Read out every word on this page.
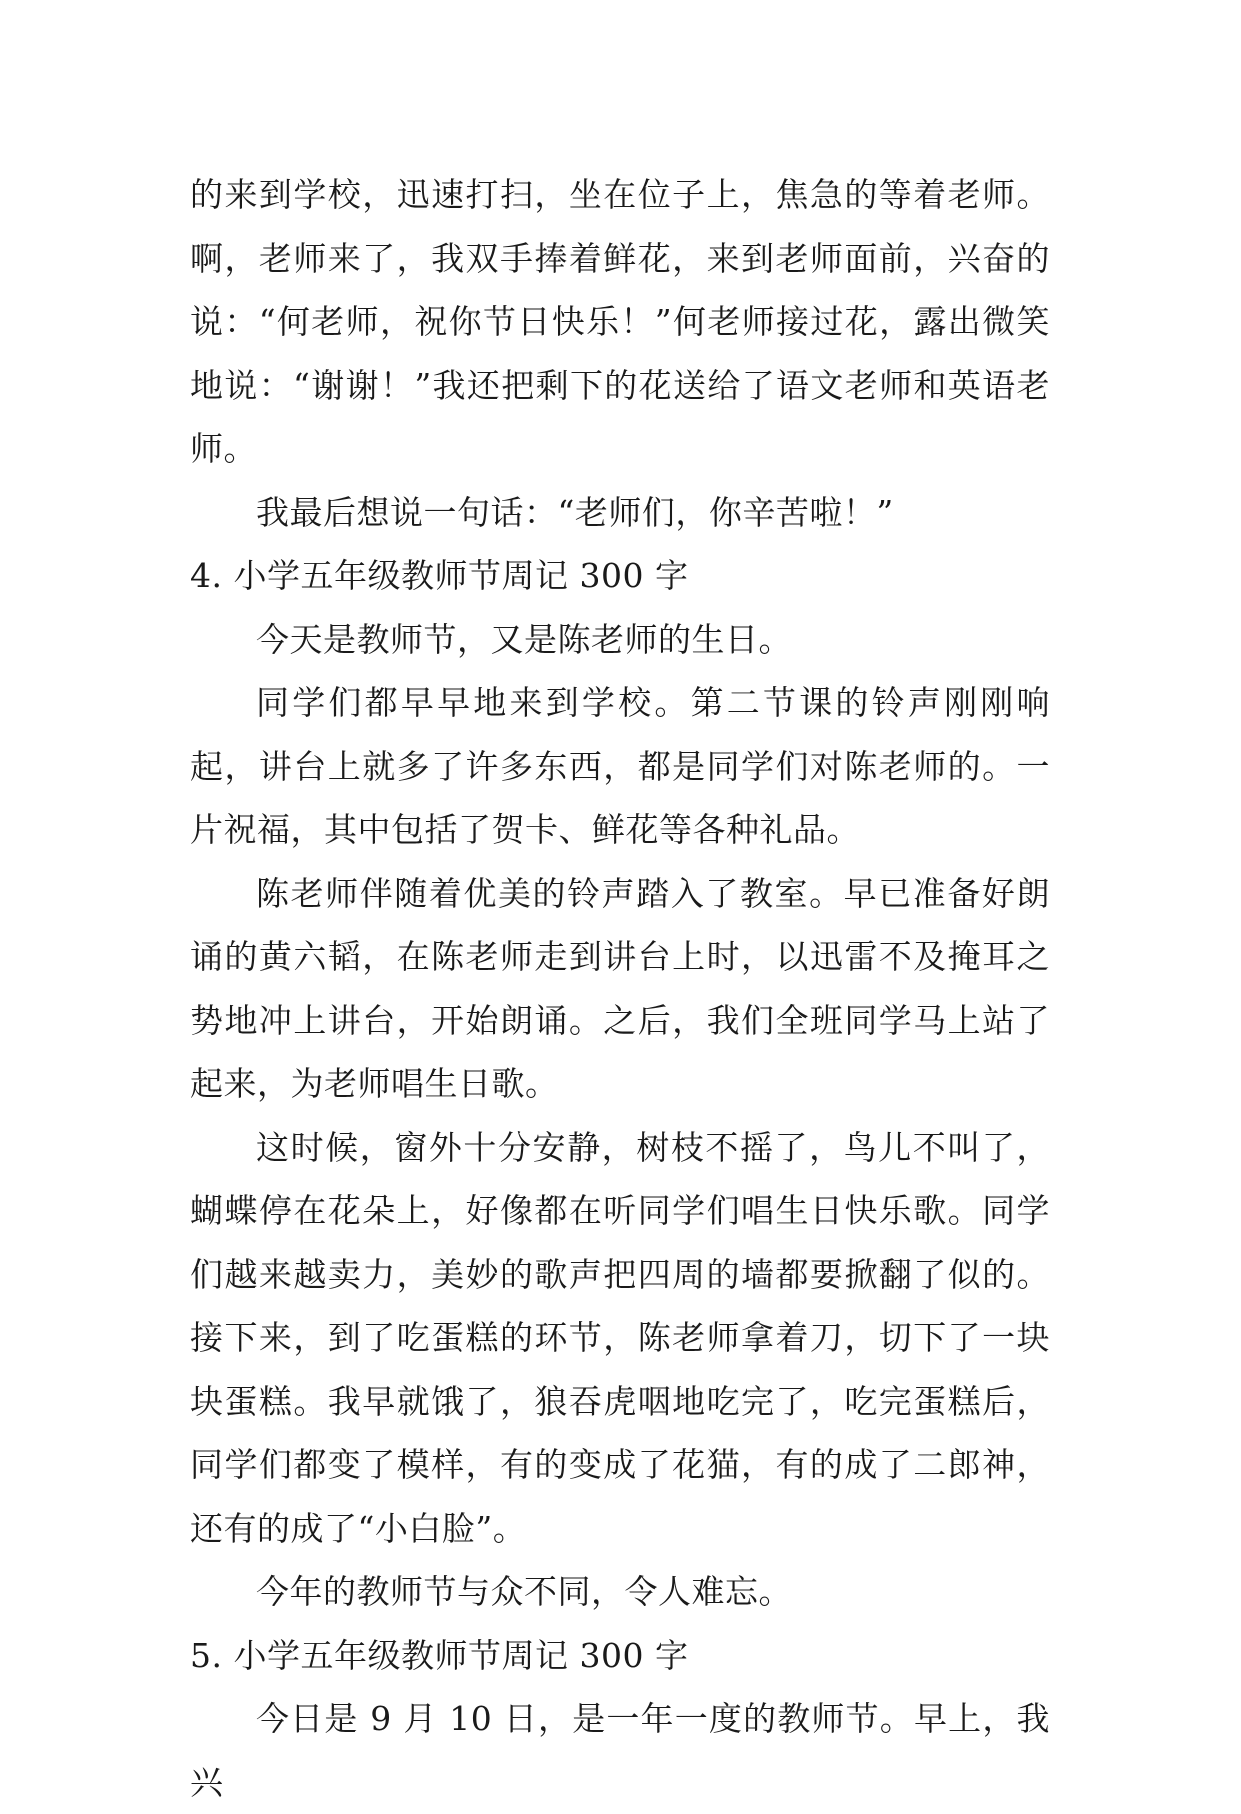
的来到学校，迅速打扫，坐在位子上，焦急的等着老师。啊，老师来了，我双手捧着鲜花，来到老师面前，兴奋的说：“何老师，祝你节日快乐！”何老师接过花，露出微笑地说：“谢谢！”我还把剩下的花送给了语文老师和英语老师。

我最后想说一句话：“老师们，你辛苦啦！”

4. 小学五年级教师节周记 300 字

今天是教师节，又是陈老师的生日。

同学们都早早地来到学校。第二节课的铃声刚刚响起，讲台上就多了许多东西，都是同学们对陈老师的。一片祝福，其中包括了贺卡、鲜花等各种礼品。

陈老师伴随着优美的铃声踏入了教室。早已准备好朗诵的黄六韬，在陈老师走到讲台上时，以迅雷不及掩耳之势地冲上讲台，开始朗诵。之后，我们全班同学马上站了起来，为老师唱生日歌。

这时候，窗外十分安静，树枝不摇了，鸟儿不叫了，蝴蝶停在花朵上，好像都在听同学们唱生日快乐歌。同学们越来越卖力，美妙的歌声把四周的墙都要掀翻了似的。接下来，到了吃蛋糕的环节，陈老师拿着刀，切下了一块块蛋糕。我早就饿了，狼吞虎咽地吃完了，吃完蛋糕后，同学们都变了模样，有的变成了花猫，有的成了二郎神，还有的成了“小白脸”。

今年的教师节与众不同，令人难忘。

5. 小学五年级教师节周记 300 字

今日是 9 月 10 日，是一年一度的教师节。早上，我兴
